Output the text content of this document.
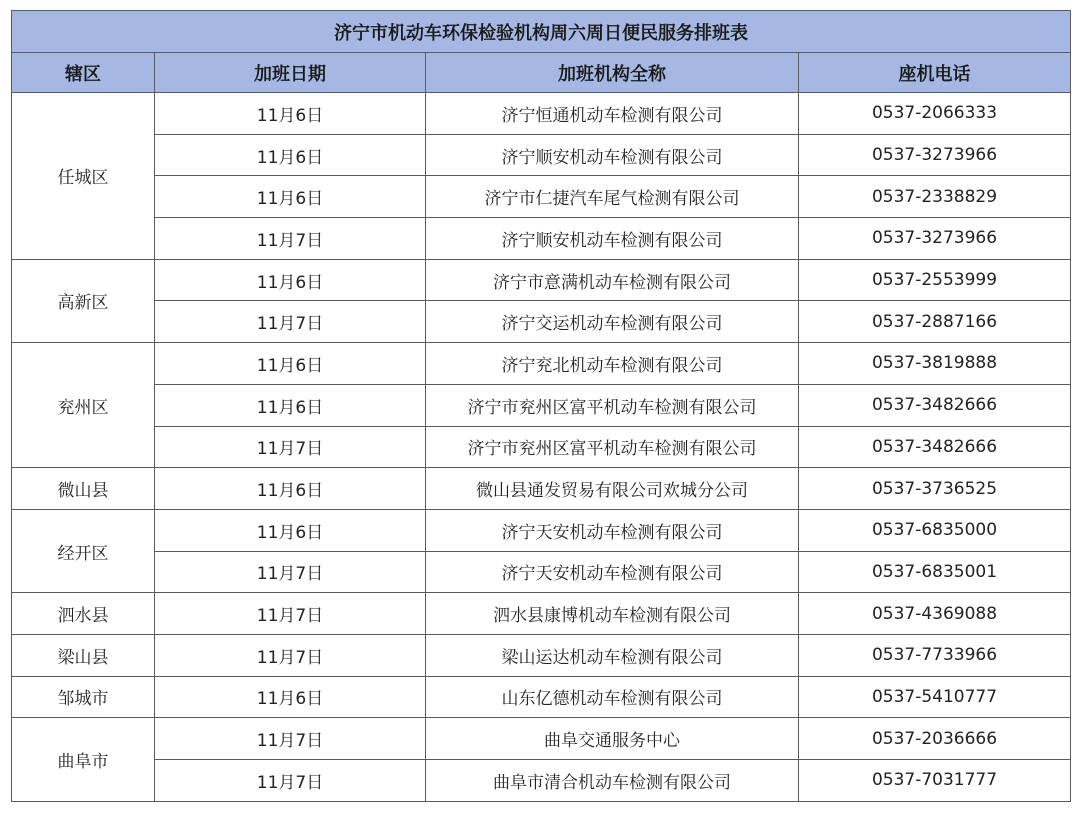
济宁市机动车环保检验机构周六周日便民服务排班表			
辖区	加班日期	加班机构全称	座机电话
任城区	11月6日	济宁恒通机动车检测有限公司	0537-2066333
	11月6日	济宁顺安机动车检测有限公司	0537-3273966
	11月6日	济宁市仁捷汽车尾气检测有限公司	0537-2338829
	11月7日	济宁顺安机动车检测有限公司	0537-3273966
高新区	11月6日	济宁市意满机动车检测有限公司	0537-2553999
	11月7日	济宁交运机动车检测有限公司	0537-2887166
兖州区	11月6日	济宁兖北机动车检测有限公司	0537-3819888
	11月6日	济宁市兖州区富平机动车检测有限公司	0537-3482666
	11月7日	济宁市兖州区富平机动车检测有限公司	0537-3482666
微山县	11月6日	微山县通发贸易有限公司欢城分公司	0537-3736525
经开区	11月6日	济宁天安机动车检测有限公司	0537-6835000
	11月7日	济宁天安机动车检测有限公司	0537-6835001
泗水县	11月7日	泗水县康博机动车检测有限公司	0537-4369088
梁山县	11月7日	梁山运达机动车检测有限公司	0537-7733966
邹城市	11月6日	山东亿德机动车检测有限公司	0537-5410777
曲阜市	11月7日	曲阜交通服务中心	0537-2036666
	11月7日	曲阜市清合机动车检测有限公司	0537-7031777
